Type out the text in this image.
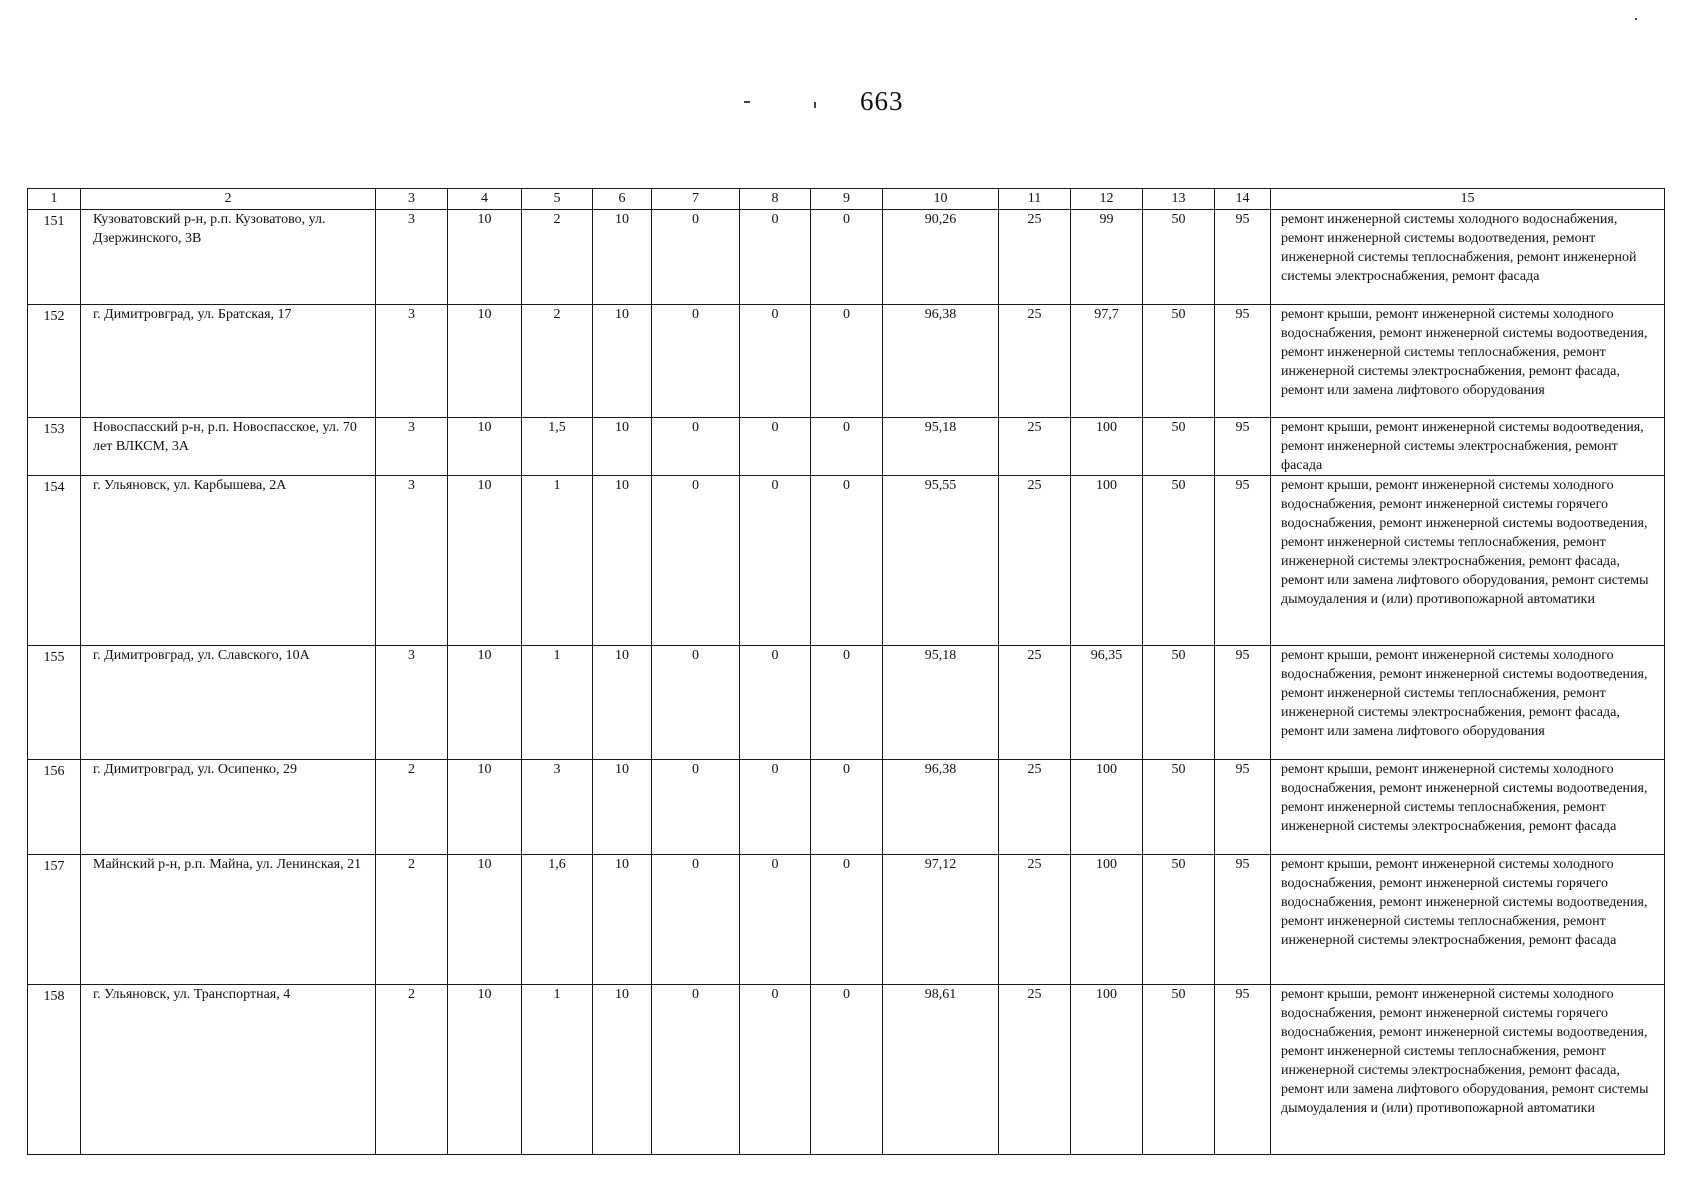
663
1	2	3	4	5	6	7	8	9	10	11	12	13	14	15
151	Кузоватовский р-н, р.п. Кузоватово, ул. Дзержинского, 3В	3	10	2	10	0	0	0	90,26	25	99	50	95	ремонт инженерной системы холодного водоснабжения, ремонт инженерной системы водоотведения, ремонт инженерной системы теплоснабжения, ремонт инженерной системы электроснабжения, ремонт фасада
152	г. Димитровград, ул. Братская, 17	3	10	2	10	0	0	0	96,38	25	97,7	50	95	ремонт крыши, ремонт инженерной системы холодного водоснабжения, ремонт инженерной системы водоотведения, ремонт инженерной системы теплоснабжения, ремонт инженерной системы электроснабжения, ремонт фасада, ремонт или замена лифтового оборудования
153	Новоспасский р-н, р.п. Новоспасское, ул. 70 лет ВЛКСМ, 3А	3	10	1,5	10	0	0	0	95,18	25	100	50	95	ремонт крыши, ремонт инженерной системы водоотведения, ремонт инженерной системы электроснабжения, ремонт фасада
154	г. Ульяновск, ул. Карбышева, 2А	3	10	1	10	0	0	0	95,55	25	100	50	95	ремонт крыши, ремонт инженерной системы холодного водоснабжения, ремонт инженерной системы горячего водоснабжения, ремонт инженерной системы водоотведения, ремонт инженерной системы теплоснабжения, ремонт инженерной системы электроснабжения, ремонт фасада, ремонт или замена лифтового оборудования, ремонт системы дымоудаления и (или) противопожарной автоматики
155	г. Димитровград, ул. Славского, 10А	3	10	1	10	0	0	0	95,18	25	96,35	50	95	ремонт крыши, ремонт инженерной системы холодного водоснабжения, ремонт инженерной системы водоотведения, ремонт инженерной системы теплоснабжения, ремонт инженерной системы электроснабжения, ремонт фасада, ремонт или замена лифтового оборудования
156	г. Димитровград, ул. Осипенко, 29	2	10	3	10	0	0	0	96,38	25	100	50	95	ремонт крыши, ремонт инженерной системы холодного водоснабжения, ремонт инженерной системы водоотведения, ремонт инженерной системы теплоснабжения, ремонт инженерной системы электроснабжения, ремонт фасада
157	Майнский р-н, р.п. Майна, ул. Ленинская, 21	2	10	1,6	10	0	0	0	97,12	25	100	50	95	ремонт крыши, ремонт инженерной системы холодного водоснабжения, ремонт инженерной системы горячего водоснабжения, ремонт инженерной системы водоотведения, ремонт инженерной системы теплоснабжения, ремонт инженерной системы электроснабжения, ремонт фасада
158	г. Ульяновск, ул. Транспортная, 4	2	10	1	10	0	0	0	98,61	25	100	50	95	ремонт крыши, ремонт инженерной системы холодного водоснабжения, ремонт инженерной системы горячего водоснабжения, ремонт инженерной системы водоотведения, ремонт инженерной системы теплоснабжения, ремонт инженерной системы электроснабжения, ремонт фасада, ремонт или замена лифтового оборудования, ремонт системы дымоудаления и (или) противопожарной автоматики
